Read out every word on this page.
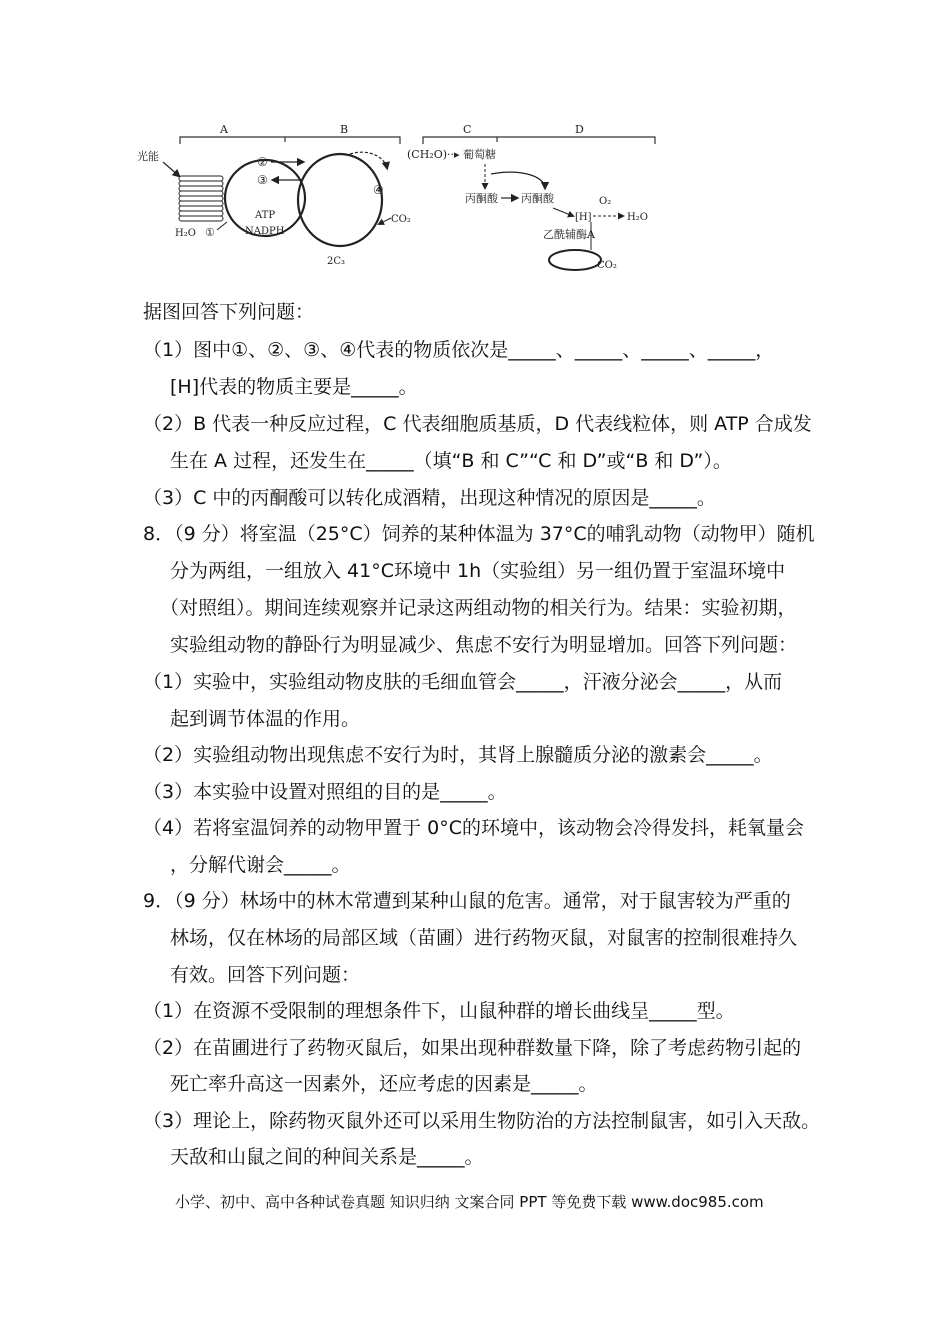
A	B	C	D
光能
H₂O ①
②
③
ATP
NADPH
④
CO₂
2C₃
(CH₂O)··▸ 葡萄糖
丙酮酸 丙酮酸
[H]
O₂
H₂O
乙酰辅酶A
CO₂
据图回答下列问题：
（1）图中①、②、③、④代表的物质依次是_____、_____、_____、_____，
[H]代表的物质主要是_____。
（2）B 代表一种反应过程，C 代表细胞质基质，D 代表线粒体，则 ATP 合成发
生在 A 过程，还发生在_____（填“B 和 C”“C 和 D”或“B 和 D”）。
（3）C 中的丙酮酸可以转化成酒精，出现这种情况的原因是_____。
8．（9 分）将室温（25°C）饲养的某种体温为 37°C的哺乳动物（动物甲）随机
分为两组，一组放入 41°C环境中 1h（实验组）另一组仍置于室温环境中
（对照组）。期间连续观察并记录这两组动物的相关行为。结果：实验初期，
实验组动物的静卧行为明显减少、焦虑不安行为明显增加。回答下列问题：
（1）实验中，实验组动物皮肤的毛细血管会_____，汗液分泌会_____，从而
起到调节体温的作用。
（2）实验组动物出现焦虑不安行为时，其肾上腺髓质分泌的激素会_____。
（3）本实验中设置对照组的目的是_____。
（4）若将室温饲养的动物甲置于 0°C的环境中，该动物会冷得发抖，耗氧量会
，分解代谢会_____。
9．（9 分）林场中的林木常遭到某种山鼠的危害。通常，对于鼠害较为严重的
林场，仅在林场的局部区域（苗圃）进行药物灭鼠，对鼠害的控制很难持久
有效。回答下列问题：
（1）在资源不受限制的理想条件下，山鼠种群的增长曲线呈_____型。
（2）在苗圃进行了药物灭鼠后，如果出现种群数量下降，除了考虑药物引起的
死亡率升高这一因素外，还应考虑的因素是_____。
（3）理论上，除药物灭鼠外还可以采用生物防治的方法控制鼠害，如引入天敌。
天敌和山鼠之间的种间关系是_____。
小学、初中、高中各种试卷真题 知识归纳 文案合同 PPT 等免费下载 www.doc985.com
